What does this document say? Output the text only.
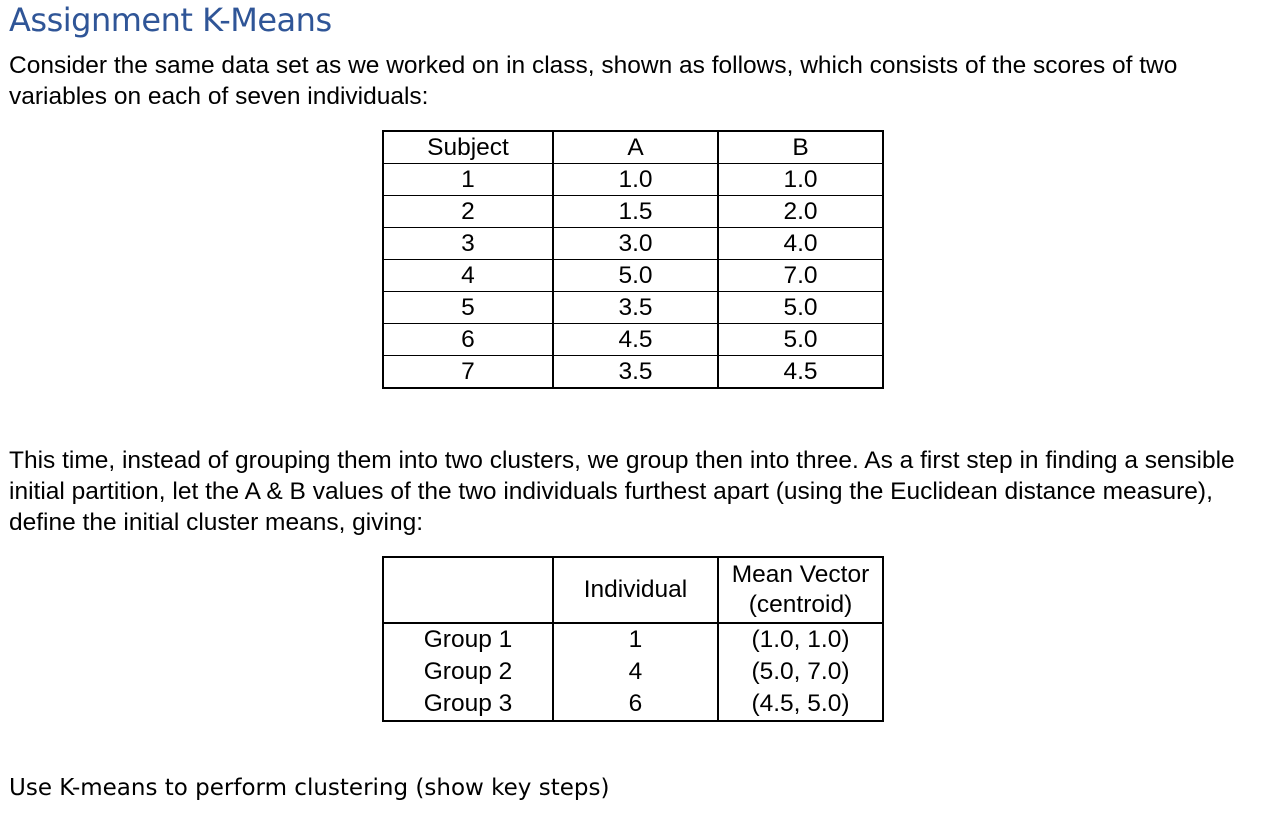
Assignment K-Means

Consider the same data set as we worked on in class, shown as follows, which consists of the scores of two variables on each of seven individuals:

Subject	A	B
1	1.0	1.0
2	1.5	2.0
3	3.0	4.0
4	5.0	7.0
5	3.5	5.0
6	4.5	5.0
7	3.5	4.5

This time, instead of grouping them into two clusters, we group then into three. As a first step in finding a sensible initial partition, let the A & B values of the two individuals furthest apart (using the Euclidean distance measure), define the initial cluster means, giving:

	Individual	Mean Vector
(centroid)
Group 1	1	(1.0, 1.0)
Group 2	4	(5.0, 7.0)
Group 3	6	(4.5, 5.0)

Use K-means to perform clustering (show key steps)
